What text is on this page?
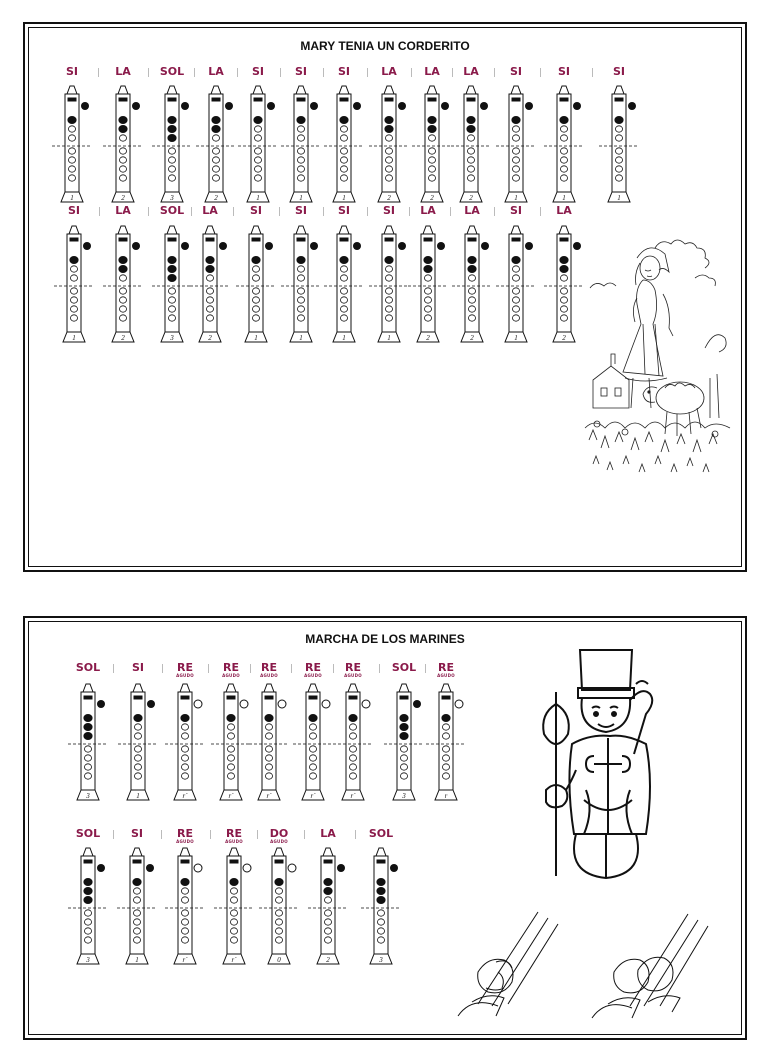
MARY TENIA UN CORDERITO
MARCHA DE LOS MARINES
SI
1
LA
2
SOL
3
LA
2
SI
1
SI
1
SI
1
LA
2
LA
2
LA
2
SI
1
SI
1
SI
1
SI
1
LA
2
SOL
3
LA
2
SI
1
SI
1
SI
1
SI
1
LA
2
LA
2
SI
1
LA
2
SOL
3
SI
1
RE
AGUDO
r´
RE
AGUDO
r´
RE
AGUDO
r´
RE
AGUDO
r´
RE
AGUDO
r´
SOL
3
RE
AGUDO
r
SOL
3
SI
1
RE
AGUDO
r´
RE
AGUDO
r´
DO
AGUDO
0
LA
2
SOL
3
